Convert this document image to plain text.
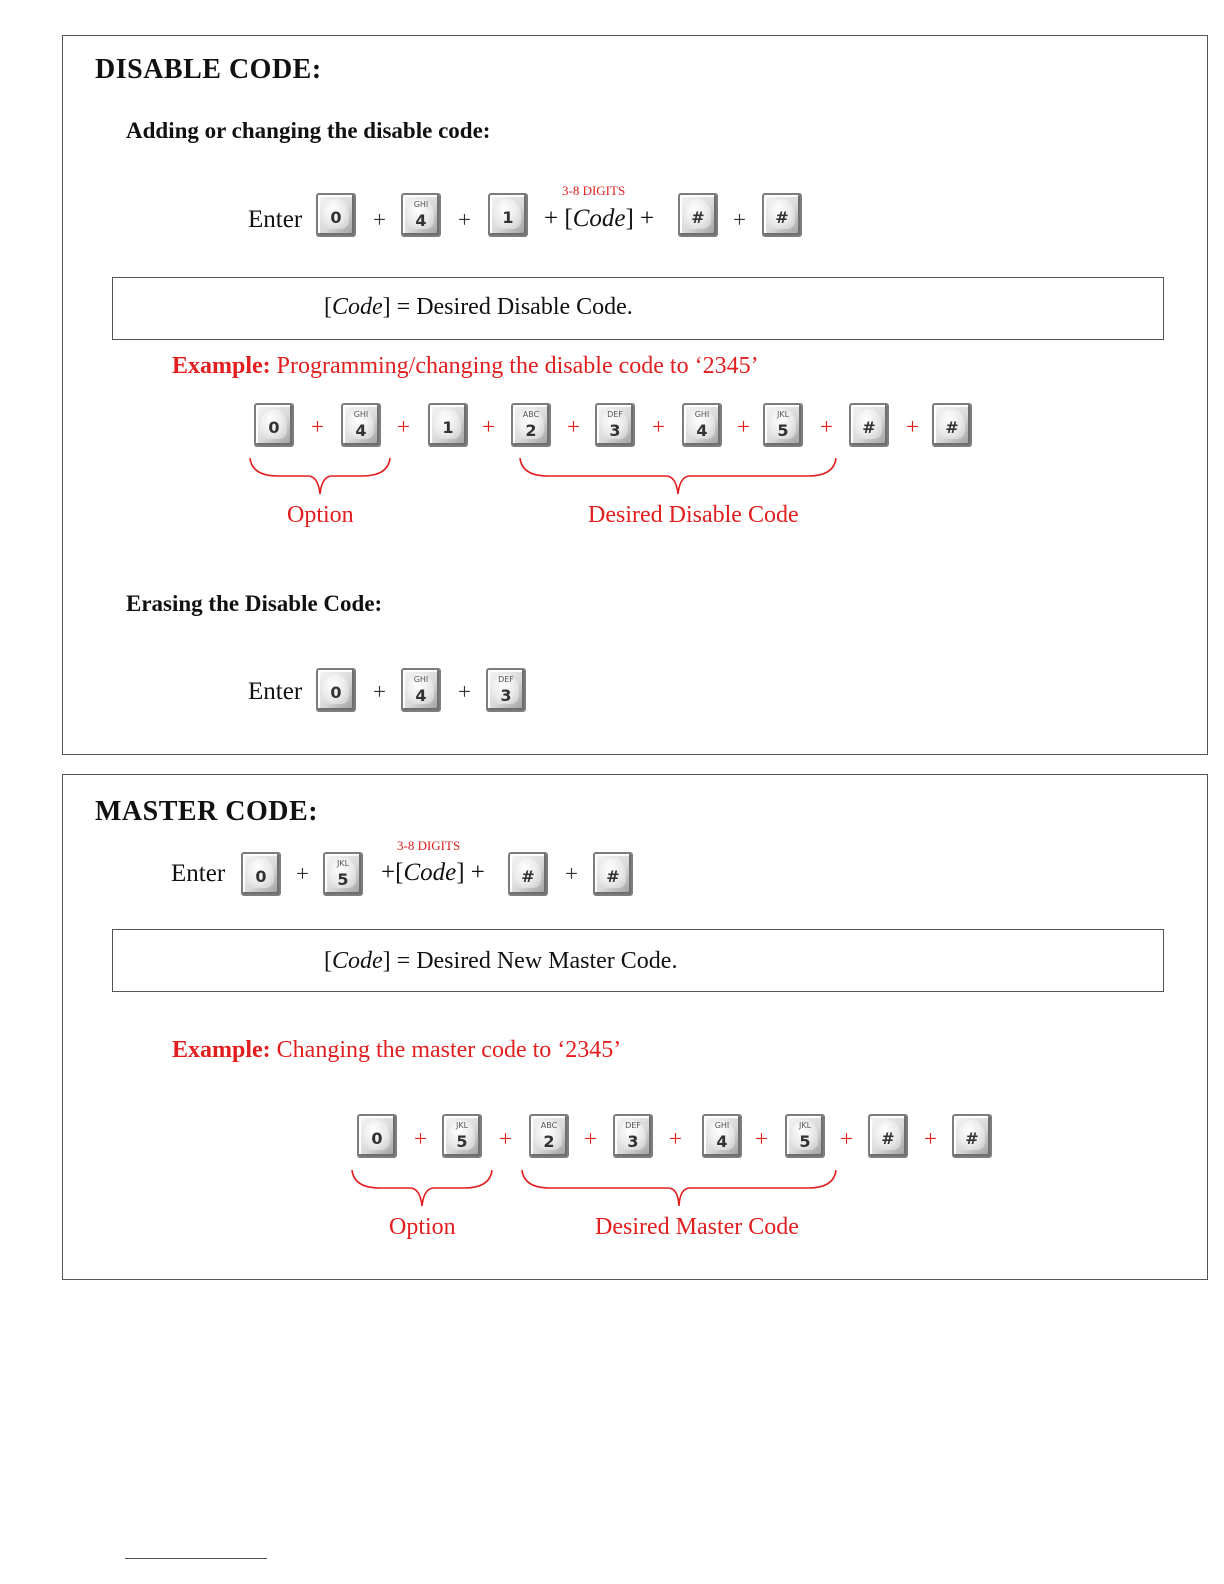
DISABLE CODE:
Adding or changing the disable code:
Enter	0	+
GHI
4	+	1
3-8 DIGITS
+ [Code] +	#	+	#
[Code] = Desired Disable Code.
Example: Programming/changing the disable code to ‘2345’
0	+	GHI
4	+	1	+	ABC
2	+	DEF
3	+	GHI
4	+	JKL
5	+	#	+	#
Option	Desired Disable Code
Erasing the Disable Code:
Enter	0	+	GHI
4	+	DEF
3
MASTER CODE:
Enter	0	+	JKL
5
3-8 DIGITS
+[Code] +	#	+	#
[Code] = Desired New Master Code.
Example: Changing the master code to ‘2345’
0	+
JKL
5	+
ABC
2	+
DEF
3	+
GHI
4	+
JKL
5	+	#	+	#
Option	Desired Master Code
